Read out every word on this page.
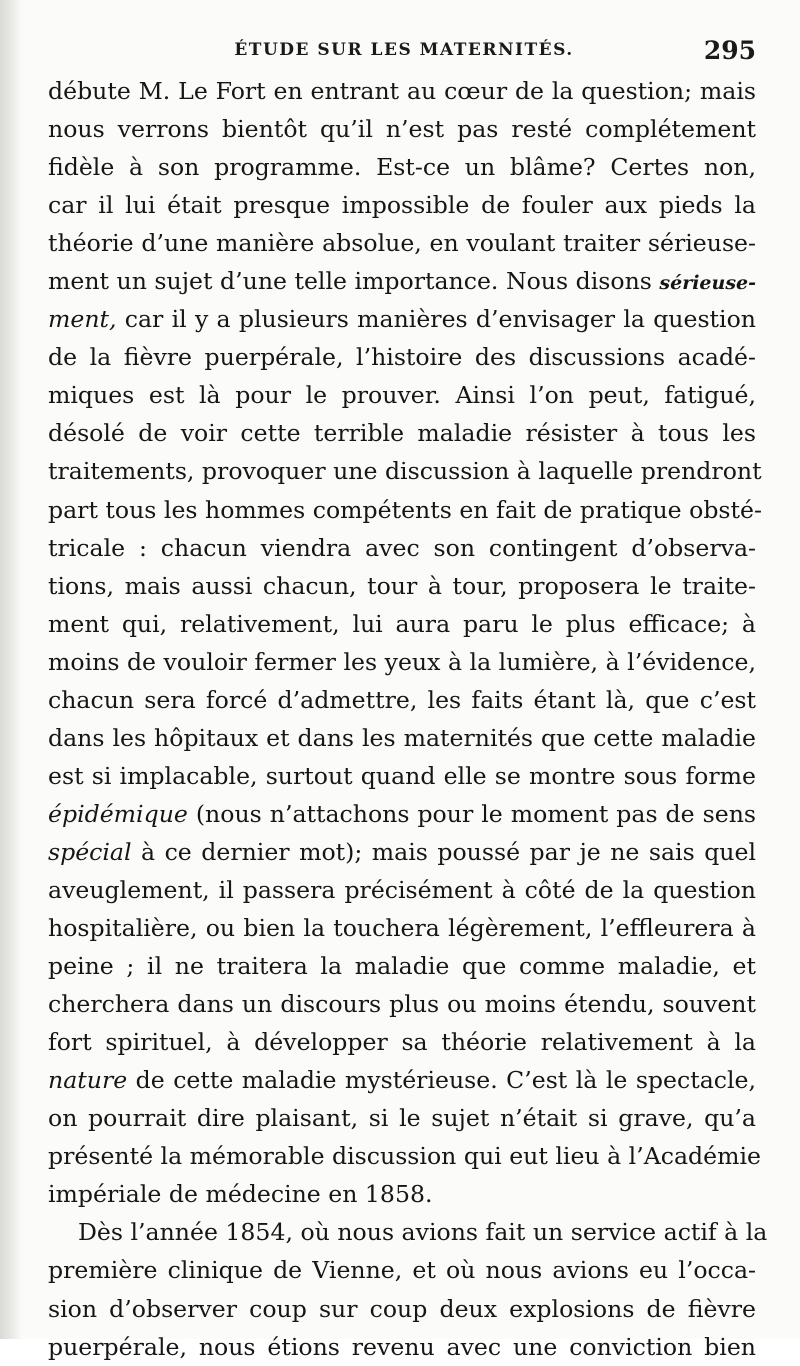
ÉTUDE SUR LES MATERNITÉS.	295
débute M. Le Fort en entrant au cœur de la question; mais
nous verrons bientôt qu’il n’est pas resté complétement
fidèle à son programme. Est-ce un blâme? Certes non,
car il lui était presque impossible de fouler aux pieds la
théorie d’une manière absolue, en voulant traiter sérieuse-
ment un sujet d’une telle importance. Nous disons sérieuse-
ment, car il y a plusieurs manières d’envisager la question
de la fièvre puerpérale, l’histoire des discussions acadé-
miques est là pour le prouver. Ainsi l’on peut, fatigué,
désolé de voir cette terrible maladie résister à tous les
traitements, provoquer une discussion à laquelle prendront
part tous les hommes compétents en fait de pratique obsté-
tricale : chacun viendra avec son contingent d’observa-
tions, mais aussi chacun, tour à tour, proposera le traite-
ment qui, relativement, lui aura paru le plus efficace; à
moins de vouloir fermer les yeux à la lumière, à l’évidence,
chacun sera forcé d’admettre, les faits étant là, que c’est
dans les hôpitaux et dans les maternités que cette maladie
est si implacable, surtout quand elle se montre sous forme
épidémique (nous n’attachons pour le moment pas de sens
spécial à ce dernier mot); mais poussé par je ne sais quel
aveuglement, il passera précisément à côté de la question
hospitalière, ou bien la touchera légèrement, l’effleurera à
peine ; il ne traitera la maladie que comme maladie, et
cherchera dans un discours plus ou moins étendu, souvent
fort spirituel, à développer sa théorie relativement à la
nature de cette maladie mystérieuse. C’est là le spectacle,
on pourrait dire plaisant, si le sujet n’était si grave, qu’a
présenté la mémorable discussion qui eut lieu à l’Académie
impériale de médecine en 1858.
Dès l’année 1854, où nous avions fait un service actif à la
première clinique de Vienne, et où nous avions eu l’occa-
sion d’observer coup sur coup deux explosions de fièvre
puerpérale, nous étions revenu avec une conviction bien
